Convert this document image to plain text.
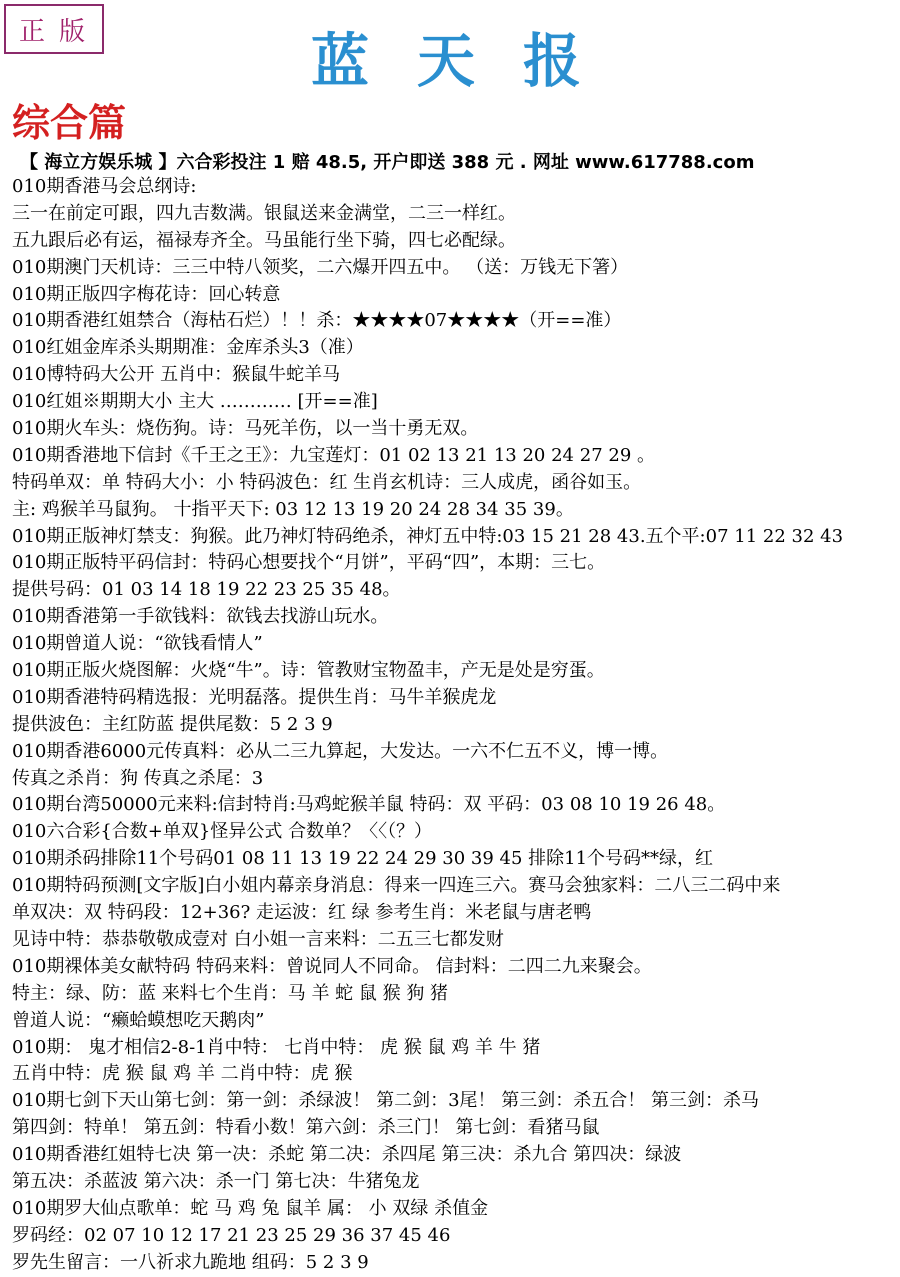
正版	蓝天报
综合篇
【 海立方娱乐城 】六合彩投注 1 赔 48.5, 开户即送 388 元 . 网址 www.617788.com
010期香港马会总纲诗:
三一在前定可跟，四九吉数满。银鼠送来金满堂，二三一样红。
五九跟后必有运，福禄寿齐全。马虽能行坐下骑，四七必配绿。
010期澳门天机诗：三三中特八领奖，二六爆开四五中。 （送：万钱无下箸）
010期正版四字梅花诗：回心转意
010期香港红姐禁合（海枯石烂）！！杀：★★★★07★★★★（开==准）
010红姐金库杀头期期准：金库杀头3（准）
010博特码大公开 五肖中：猴鼠牛蛇羊马
010红姐※期期大小 主大 ………… [开==准]
010期火车头：烧伤狗。诗：马死羊伤，以一当十勇无双。
010期香港地下信封《千王之王》：九宝莲灯：01 02 13 21 13 20 24 27 29 。
特码单双：单 特码大小：小 特码波色：红 生肖玄机诗：三人成虎，函谷如玉。
主: 鸡猴羊马鼠狗。 十指平天下: 03 12 13 19 20 24 28 34 35 39。
010期正版神灯禁支：狗猴。此乃神灯特码绝杀，神灯五中特:03 15 21 28 43.五个平:07 11 22 32 43
010期正版特平码信封：特码心想要找个“月饼”，平码“四”，本期：三七。
提供号码：01 03 14 18 19 22 23 25 35 48。
010期香港第一手欲钱料：欲钱去找游山玩水。
010期曾道人说：“欲钱看情人”
010期正版火烧图解：火烧“牛”。诗：管教财宝物盈丰，产无是处是穷蛋。
010期香港特码精选报：光明磊落。提供生肖：马牛羊猴虎龙
提供波色：主红防蓝 提供尾数：5 2 3 9
010期香港6000元传真料：必从二三九算起，大发达。一六不仁五不义，博一博。
传真之杀肖：狗 传真之杀尾：3
010期台湾50000元来料:信封特肖:马鸡蛇猴羊鼠 特码：双 平码：03 08 10 19 26 48。
010六合彩{合数+单双}怪异公式 合数单？〈〈（？）
010期杀码排除11个号码01 08 11 13 19 22 24 29 30 39 45 排除11个号码**绿，红
010期特码预测[文字版]白小姐内幕亲身消息：得来一四连三六。赛马会独家料：二八三二码中来
单双决：双 特码段：12+36? 走运波：红 绿 参考生肖：米老鼠与唐老鸭
见诗中特：恭恭敬敬成壹对 白小姐一言来料：二五三七都发财
010期裸体美女献特码 特码来料：曾说同人不同命。 信封料：二四二九来聚会。
特主：绿、防：蓝 来料七个生肖：马 羊 蛇 鼠 猴 狗 猪
曾道人说：“癞蛤蟆想吃天鹅肉”
010期： 鬼才相信2-8-1肖中特： 七肖中特： 虎 猴 鼠 鸡 羊 牛 猪
五肖中特：虎 猴 鼠 鸡 羊 二肖中特：虎 猴
010期七剑下天山第七剑：第一剑：杀绿波！ 第二剑：3尾！ 第三剑：杀五合！ 第三剑：杀马
第四剑：特单！ 第五剑：特看小数！第六剑：杀三门！ 第七剑：看猪马鼠
010期香港红姐特七决 第一决：杀蛇 第二决：杀四尾 第三决：杀九合 第四决：绿波
第五决：杀蓝波 第六决：杀一门 第七决：牛猪兔龙
010期罗大仙点歌单：蛇 马 鸡 兔 鼠羊 属： 小 双绿 杀值金
罗码经：02 07 10 12 17 21 23 25 29 36 37 45 46
罗先生留言：一八祈求九跪地 组码：5 2 3 9
